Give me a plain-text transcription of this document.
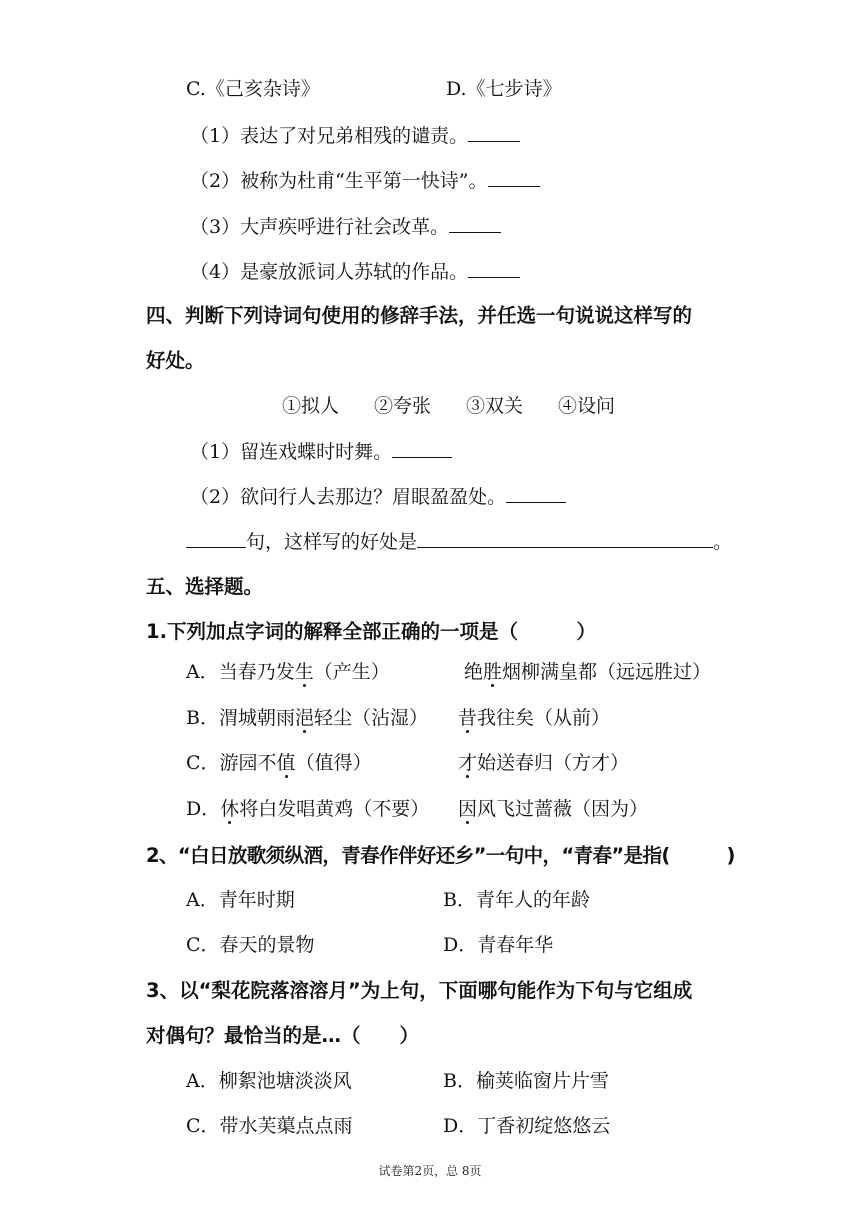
C.《己亥杂诗》	D.《七步诗》
（1）表达了对兄弟相残的谴责。
（2）被称为杜甫“生平第一快诗”。
（3）大声疾呼进行社会改革。
（4）是豪放派词人苏轼的作品。
四、判断下列诗词句使用的修辞手法，并任选一句说说这样写的
好处。
①拟人 ②夸张 ③双关 ④设问
（1）留连戏蝶时时舞。
（2）欲问行人去那边？眉眼盈盈处。
句，这样写的好处是	。
五、选择题。
1.下列加点字词的解释全部正确的一项是（　　　）
A．当春乃发生（产生）	绝胜烟柳满皇都（远远胜过）
B．渭城朝雨浥轻尘（沾湿） 昔我往矣（从前）
C．游园不值（值得）	才始送春归（方才）
D．休将白发唱黄鸡（不要） 因风飞过蔷薇（因为）
2、“白日放歌须纵酒，青春作伴好还乡”一句中，“青春”是指(　　　)
A．青年时期	B．青年人的年龄
C．春天的景物	D．青春年华
3、以“梨花院落溶溶月”为上句，下面哪句能作为下句与它组成
对偶句？最恰当的是…（　　）
A．柳絮池塘淡淡风	B．榆荚临窗片片雪
C．带水芙蕖点点雨	D．丁香初绽悠悠云
试卷第2页，总 8页
